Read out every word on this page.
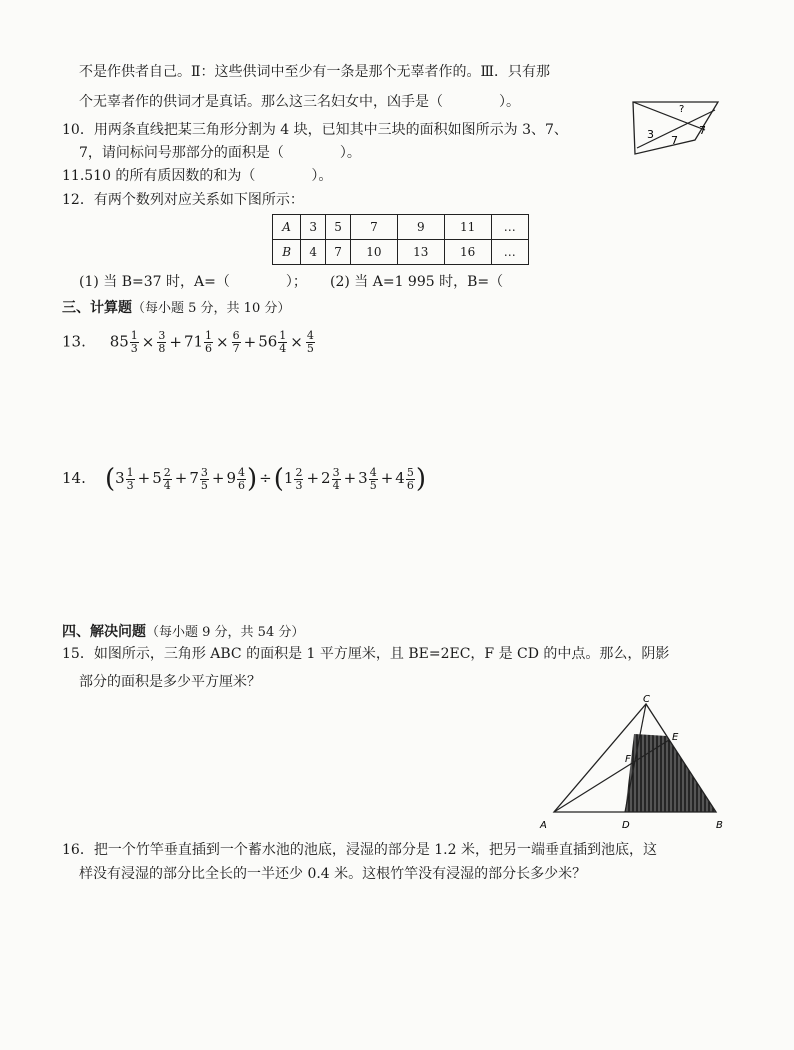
不是作供者自己。Ⅱ：这些供词中至少有一条是那个无辜者作的。Ⅲ．只有那
个无辜者作的供词才是真话。那么这三名妇女中，凶手是（　　　　）。	?
3	7
7
10．用两条直线把某三角形分割为 4 块，已知其中三块的面积如图所示为 3、7、
7，请问标问号那部分的面积是（　　　　）。
11.510 的所有质因数的和为（　　　　）。
12．有两个数列对应关系如下图所示：
A	3	5	7	9	11	…
B	4	7	10	13	16	…
(1) 当 B=37 时，A=（　　　　）； (2) 当 A=1 995 时，B=（
三、计算题（每小题 5 分，共 10 分）
13. $85 \frac{1}{3} \times \frac{3}{8} + 71 \frac{1}{6} \times \frac{6}{7} + 56 \frac{1}{4} \times \frac{4}{5}$
14. ($3 \frac{1}{3} + 5 \frac{2}{4} + 7 \frac{3}{5} + 9 \frac{4}{6}$ ) $\div(1 \frac{2}{3} + 2 \frac{3}{4} + 3 \frac{4}{5} + 4 \frac{5}{6}$ )
四、解决问题（每小题 9 分，共 54 分）
15．如图所示，三角形 ABC 的面积是 1 平方厘米，且 BE=2EC，F 是 CD 的中点。那么，阴影
部分的面积是多少平方厘米？
C
E
F
A	D	B
16．把一个竹竿垂直插到一个蓄水池的池底，浸湿的部分是 1.2 米，把另一端垂直插到池底，这
样没有浸湿的部分比全长的一半还少 0.4 米。这根竹竿没有浸湿的部分长多少米？
